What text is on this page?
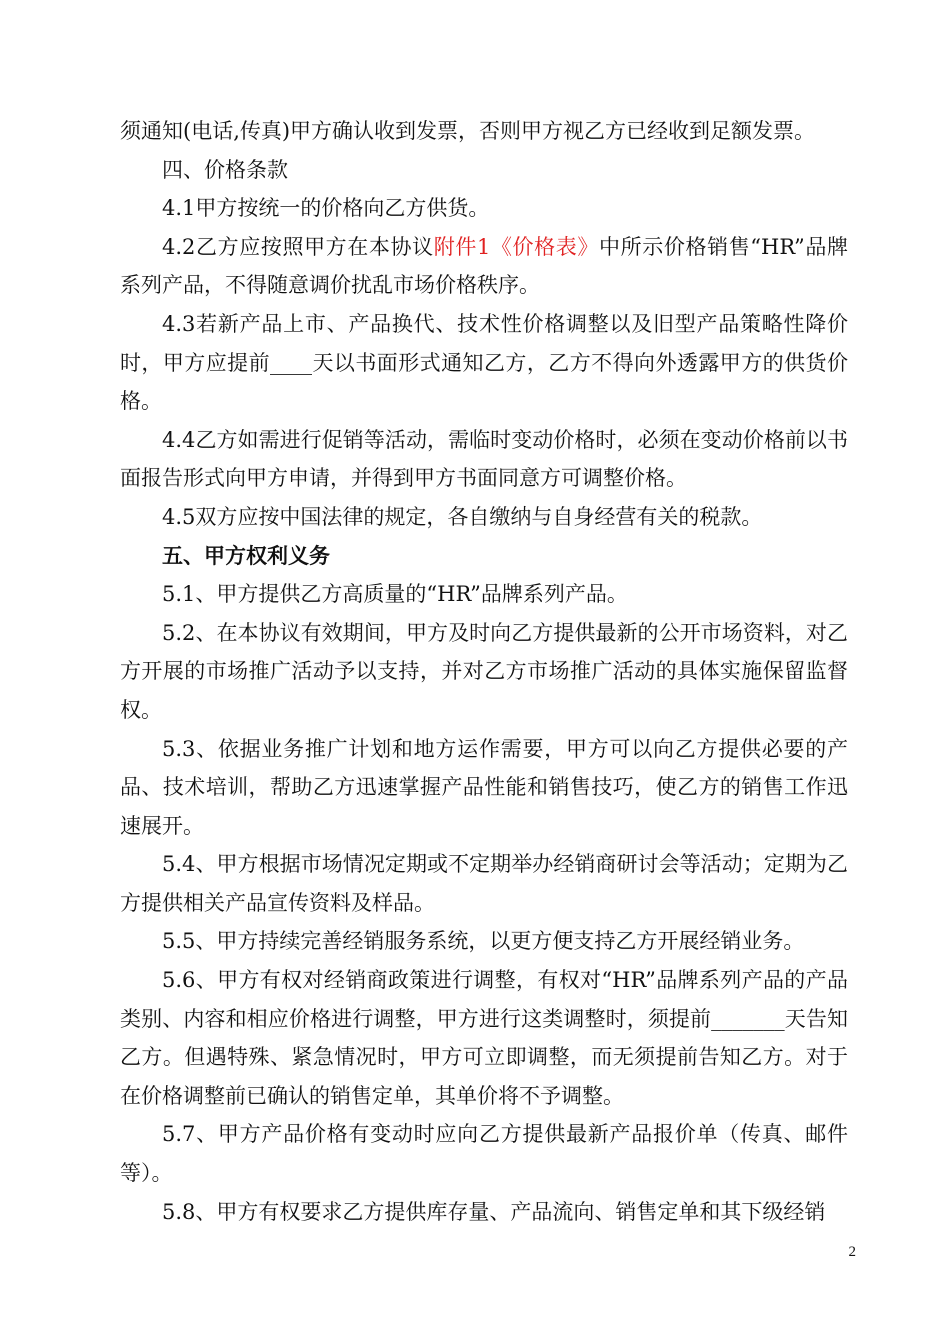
须通知(电话,传真)甲方确认收到发票，否则甲方视乙方已经收到足额发票。

四、价格条款

4.1甲方按统一的价格向乙方供货。

4.2乙方应按照甲方在本协议附件1《价格表》中所示价格销售“HR”品牌系列产品，不得随意调价扰乱市场价格秩序。

4.3若新产品上市、产品换代、技术性价格调整以及旧型产品策略性降价时，甲方应提前____天以书面形式通知乙方，乙方不得向外透露甲方的供货价格。

4.4乙方如需进行促销等活动，需临时变动价格时，必须在变动价格前以书面报告形式向甲方申请，并得到甲方书面同意方可调整价格。

4.5双方应按中国法律的规定，各自缴纳与自身经营有关的税款。

五、甲方权利义务

5.1、甲方提供乙方高质量的“HR”品牌系列产品。

5.2、在本协议有效期间，甲方及时向乙方提供最新的公开市场资料，对乙方开展的市场推广活动予以支持，并对乙方市场推广活动的具体实施保留监督权。

5.3、依据业务推广计划和地方运作需要，甲方可以向乙方提供必要的产品、技术培训，帮助乙方迅速掌握产品性能和销售技巧，使乙方的销售工作迅速展开。

5.4、甲方根据市场情况定期或不定期举办经销商研讨会等活动；定期为乙方提供相关产品宣传资料及样品。

5.5、甲方持续完善经销服务系统，以更方便支持乙方开展经销业务。

5.6、甲方有权对经销商政策进行调整，有权对“HR”品牌系列产品的产品类别、内容和相应价格进行调整，甲方进行这类调整时，须提前_______天告知乙方。但遇特殊、紧急情况时，甲方可立即调整，而无须提前告知乙方。对于在价格调整前已确认的销售定单，其单价将不予调整。

5.7、甲方产品价格有变动时应向乙方提供最新产品报价单（传真、邮件等）。

5.8、甲方有权要求乙方提供库存量、产品流向、销售定单和其下级经销

2
